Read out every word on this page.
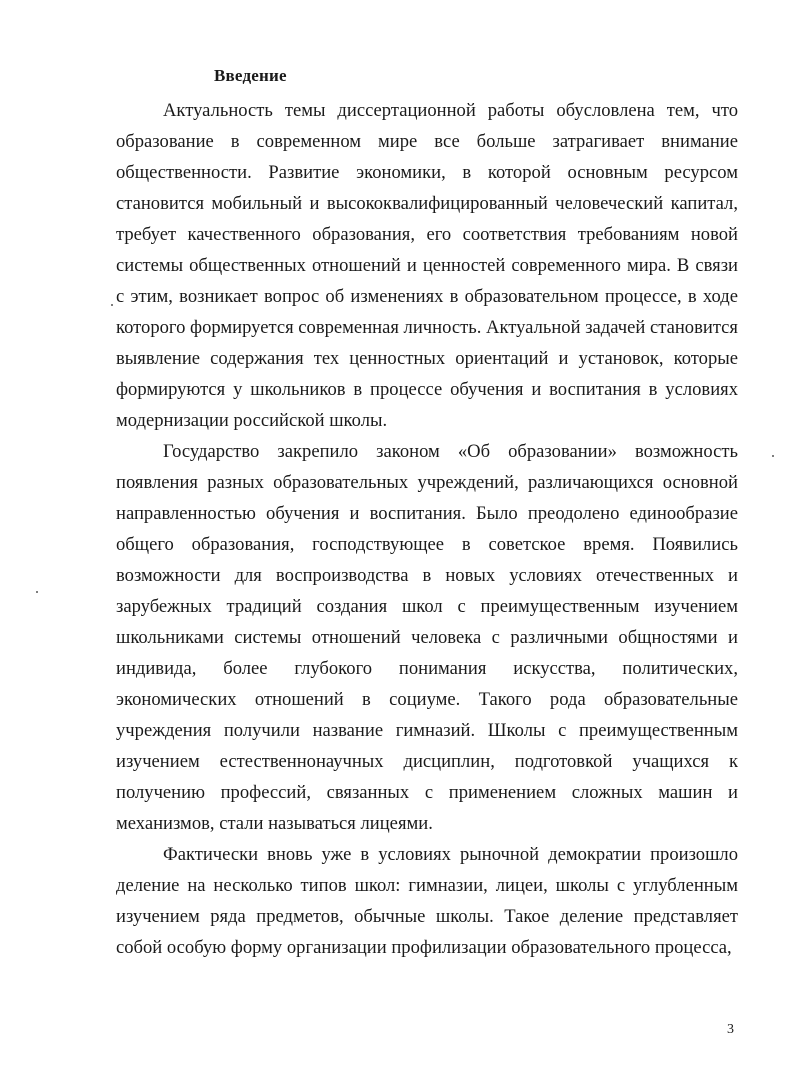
Введение

Актуальность темы диссертационной работы обусловлена тем, что образование в современном мире все больше затрагивает внимание общественности. Развитие экономики, в которой основным ресурсом становится мобильный и высококвалифицированный человеческий капитал, требует качественного образования, его соответствия требованиям новой системы общественных отношений и ценностей современного мира. В связи с этим, возникает вопрос об изменениях в образовательном процессе, в ходе которого формируется современная личность. Актуальной задачей становится выявление содержания тех ценностных ориентаций и установок, которые формируются у школьников в процессе обучения и воспитания в условиях модернизации российской школы.

Государство закрепило законом «Об образовании» возможность появления разных образовательных учреждений, различающихся основной направленностью обучения и воспитания. Было преодолено единообразие общего образования, господствующее в советское время. Появились возможности для воспроизводства в новых условиях отечественных и зарубежных традиций создания школ с преимущественным изучением школьниками системы отношений человека с различными общностями и индивида, более глубокого понимания искусства, политических, экономических отношений в социуме. Такого рода образовательные учреждения получили название гимназий. Школы с преимущественным изучением естественнонаучных дисциплин, подготовкой учащихся к получению профессий, связанных с применением сложных машин и механизмов, стали называться лицеями.

Фактически вновь уже в условиях рыночной демократии произошло деление на несколько типов школ: гимназии, лицеи, школы с углубленным изучением ряда предметов, обычные школы. Такое деление представляет собой особую форму организации профилизации образовательного процесса,

3
